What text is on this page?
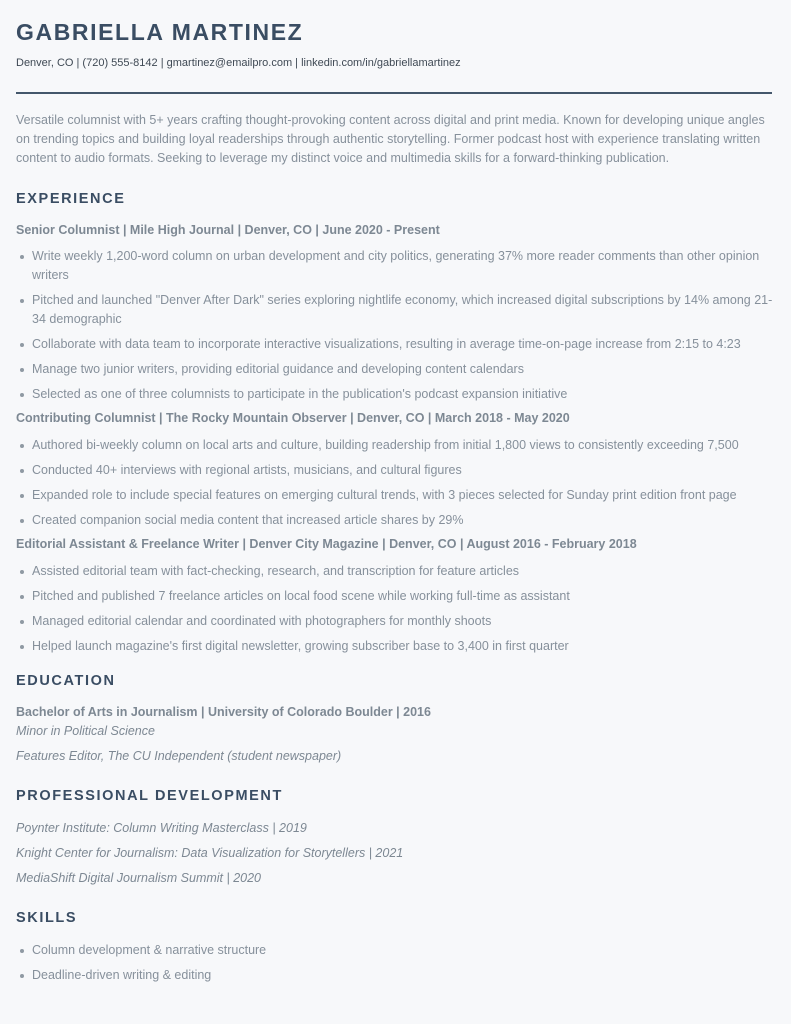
GABRIELLA MARTINEZ
Denver, CO | (720) 555-8142 | gmartinez@emailpro.com | linkedin.com/in/gabriellamartinez
Versatile columnist with 5+ years crafting thought-provoking content across digital and print media. Known for developing unique angles on trending topics and building loyal readerships through authentic storytelling. Former podcast host with experience translating written content to audio formats. Seeking to leverage my distinct voice and multimedia skills for a forward-thinking publication.
EXPERIENCE
Senior Columnist | Mile High Journal | Denver, CO | June 2020 - Present
Write weekly 1,200-word column on urban development and city politics, generating 37% more reader comments than other opinion writers
Pitched and launched "Denver After Dark" series exploring nightlife economy, which increased digital subscriptions by 14% among 21-34 demographic
Collaborate with data team to incorporate interactive visualizations, resulting in average time-on-page increase from 2:15 to 4:23
Manage two junior writers, providing editorial guidance and developing content calendars
Selected as one of three columnists to participate in the publication's podcast expansion initiative
Contributing Columnist | The Rocky Mountain Observer | Denver, CO | March 2018 - May 2020
Authored bi-weekly column on local arts and culture, building readership from initial 1,800 views to consistently exceeding 7,500
Conducted 40+ interviews with regional artists, musicians, and cultural figures
Expanded role to include special features on emerging cultural trends, with 3 pieces selected for Sunday print edition front page
Created companion social media content that increased article shares by 29%
Editorial Assistant & Freelance Writer | Denver City Magazine | Denver, CO | August 2016 - February 2018
Assisted editorial team with fact-checking, research, and transcription for feature articles
Pitched and published 7 freelance articles on local food scene while working full-time as assistant
Managed editorial calendar and coordinated with photographers for monthly shoots
Helped launch magazine's first digital newsletter, growing subscriber base to 3,400 in first quarter
EDUCATION
Bachelor of Arts in Journalism | University of Colorado Boulder | 2016
Minor in Political Science
Features Editor, The CU Independent (student newspaper)
PROFESSIONAL DEVELOPMENT
Poynter Institute: Column Writing Masterclass | 2019
Knight Center for Journalism: Data Visualization for Storytellers | 2021
MediaShift Digital Journalism Summit | 2020
SKILLS
Column development & narrative structure
Deadline-driven writing & editing
